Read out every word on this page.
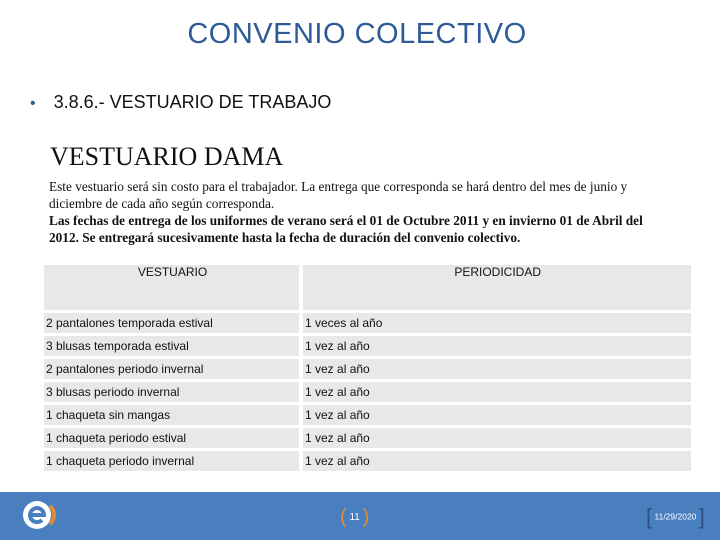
CONVENIO COLECTIVO
• 3.8.6.- VESTUARIO DE TRABAJO
VESTUARIO DAMA
Este vestuario será sin costo para el trabajador. La entrega que corresponda se hará dentro del mes de junio y diciembre de cada año según corresponda.
Las fechas de entrega de los uniformes de verano será el 01 de Octubre 2011 y en invierno 01 de Abril del 2012. Se entregará sucesivamente hasta la fecha de duración del convenio colectivo.
VESTUARIO	PERIODICIDAD
2 pantalones temporada estival	1 veces al año
3 blusas temporada estival	1 vez al año
2 pantalones periodo invernal	1 vez al año
3 blusas periodo invernal	1 vez al año
1 chaqueta sin mangas	1 vez al año
1 chaqueta periodo estival	1 vez al año
1 chaqueta periodo invernal	1 vez al año
( 11 )	[ 11/29/2020 ]
